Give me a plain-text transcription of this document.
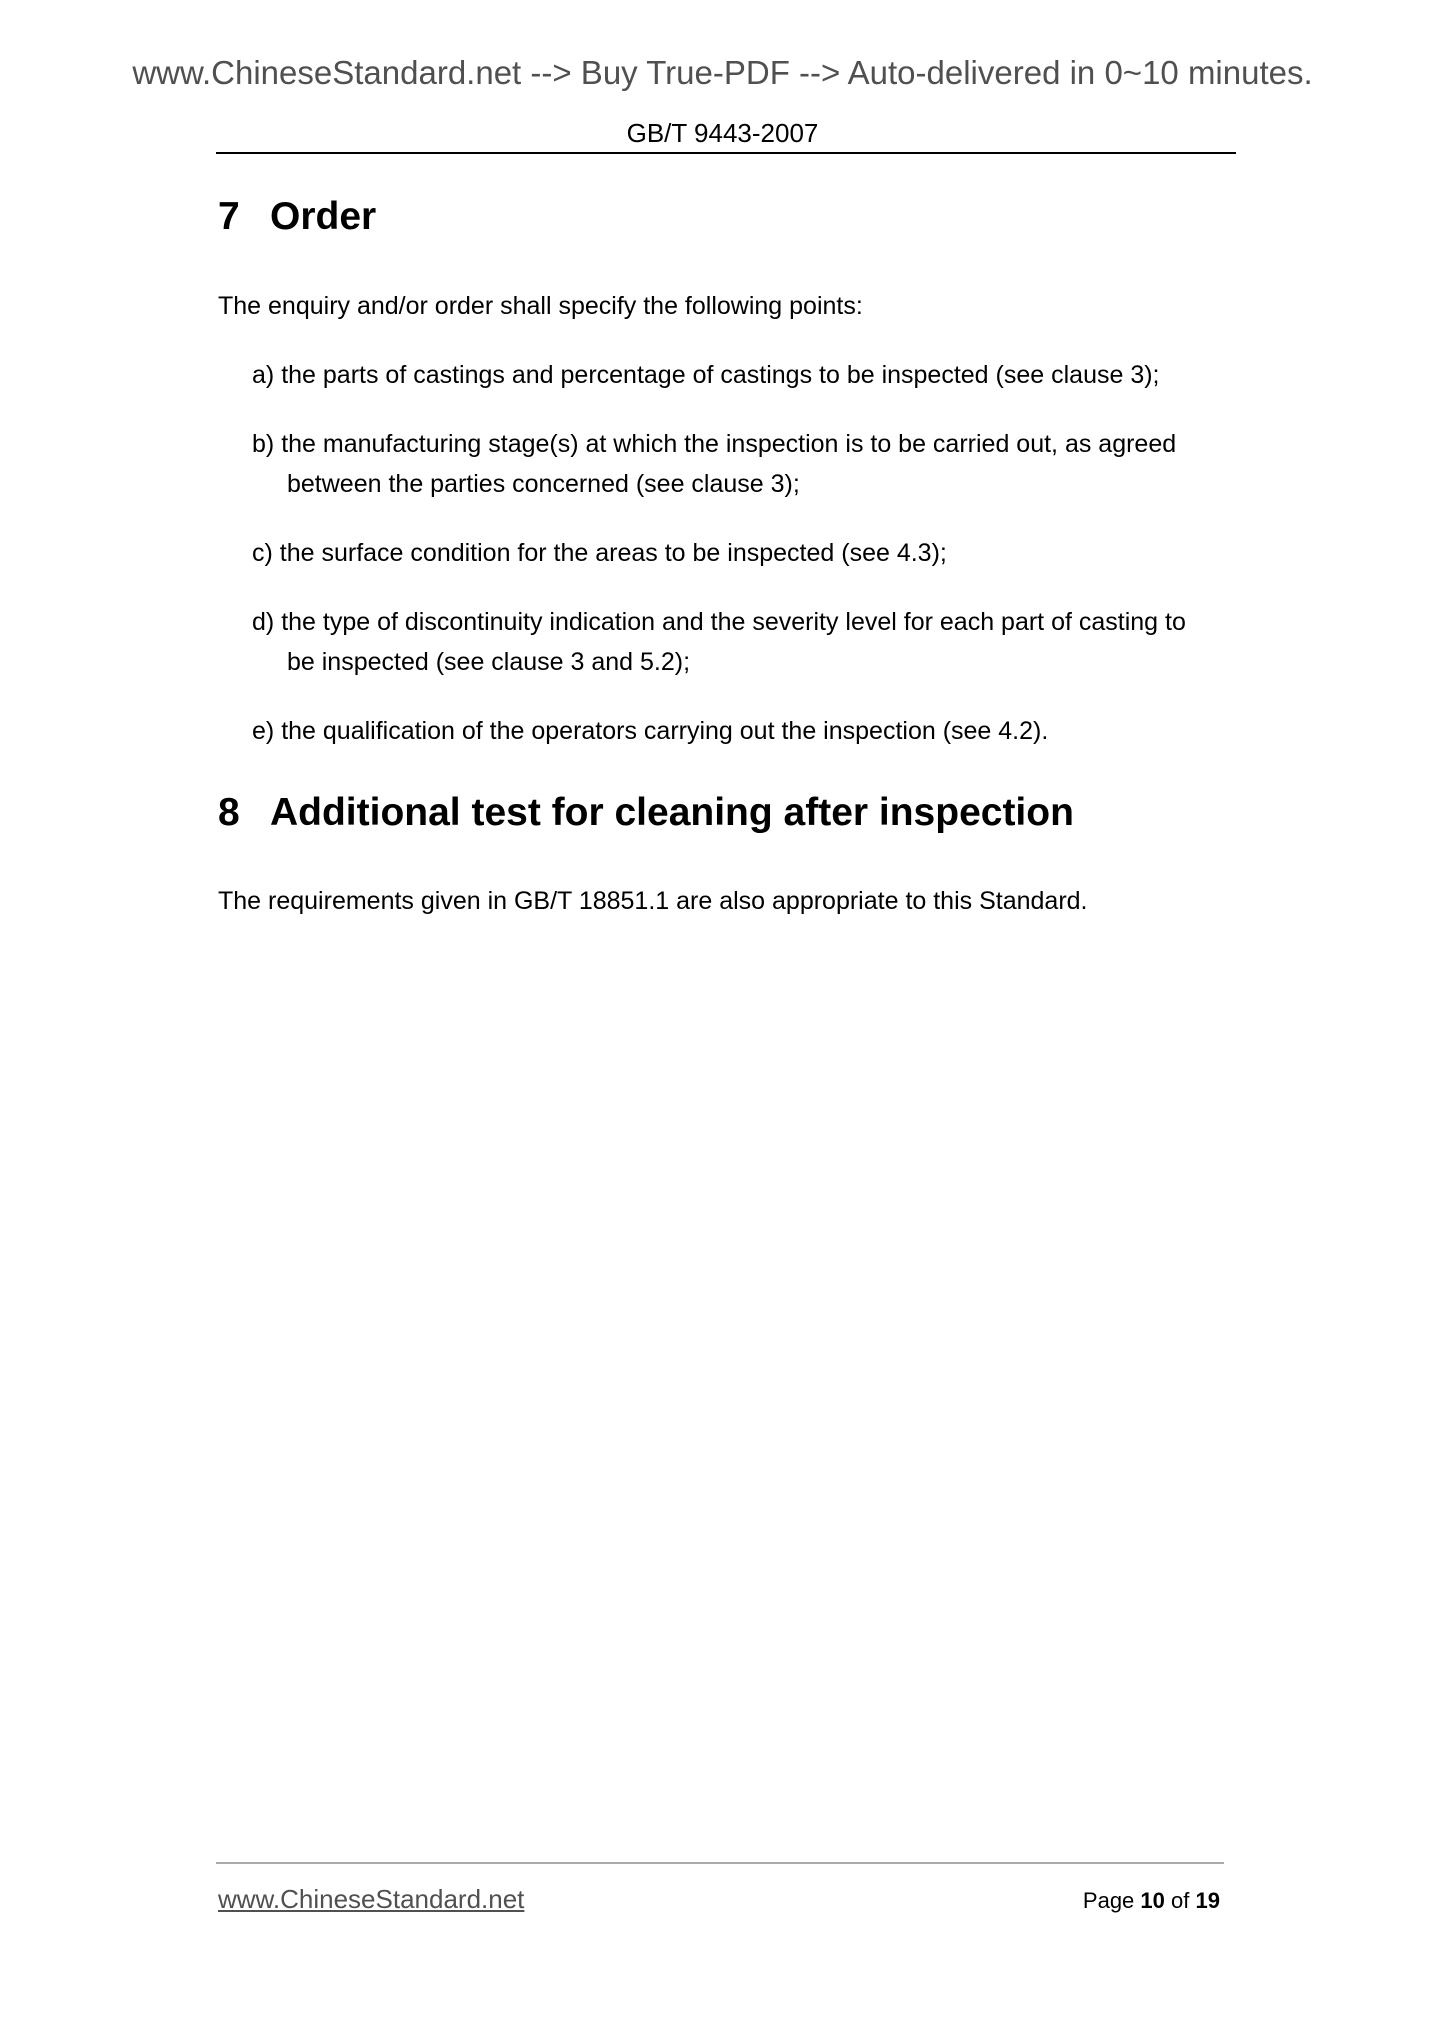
www.ChineseStandard.net --> Buy True-PDF --> Auto-delivered in 0~10 minutes.
GB/T 9443-2007
7 Order
The enquiry and/or order shall specify the following points:
a) the parts of castings and percentage of castings to be inspected (see clause 3);
b) the manufacturing stage(s) at which the inspection is to be carried out, as agreed
between the parties concerned (see clause 3);
c) the surface condition for the areas to be inspected (see 4.3);
d) the type of discontinuity indication and the severity level for each part of casting to
be inspected (see clause 3 and 5.2);
e) the qualification of the operators carrying out the inspection (see 4.2).
8 Additional test for cleaning after inspection
The requirements given in GB/T 18851.1 are also appropriate to this Standard.
www.ChineseStandard.net	Page 10 of 19
